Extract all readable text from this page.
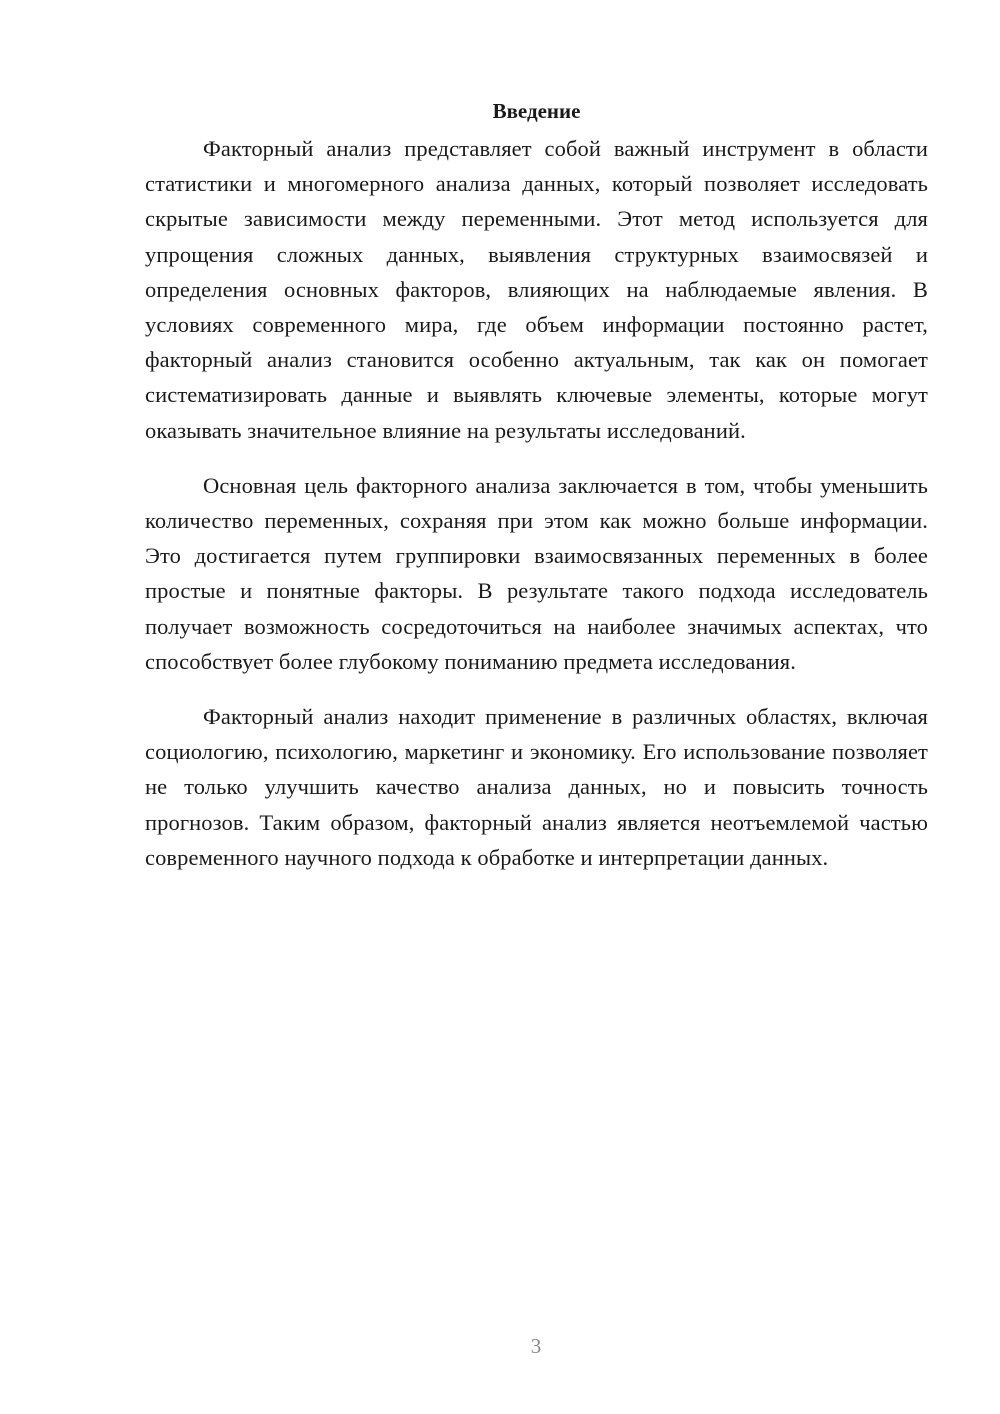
Введение

Факторный анализ представляет собой важный инструмент в области статистики и многомерного анализа данных, который позволяет исследовать скрытые зависимости между переменными. Этот метод используется для упрощения сложных данных, выявления структурных взаимосвязей и определения основных факторов, влияющих на наблюдаемые явления. В условиях современного мира, где объем информации постоянно растет, факторный анализ становится особенно актуальным, так как он помогает систематизировать данные и выявлять ключевые элементы, которые могут оказывать значительное влияние на результаты исследований.

Основная цель факторного анализа заключается в том, чтобы уменьшить количество переменных, сохраняя при этом как можно больше информации. Это достигается путем группировки взаимосвязанных переменных в более простые и понятные факторы. В результате такого подхода исследователь получает возможность сосредоточиться на наиболее значимых аспектах, что способствует более глубокому пониманию предмета исследования.

Факторный анализ находит применение в различных областях, включая социологию, психологию, маркетинг и экономику. Его использование позволяет не только улучшить качество анализа данных, но и повысить точность прогнозов. Таким образом, факторный анализ является неотъемлемой частью современного научного подхода к обработке и интерпретации данных.

3
